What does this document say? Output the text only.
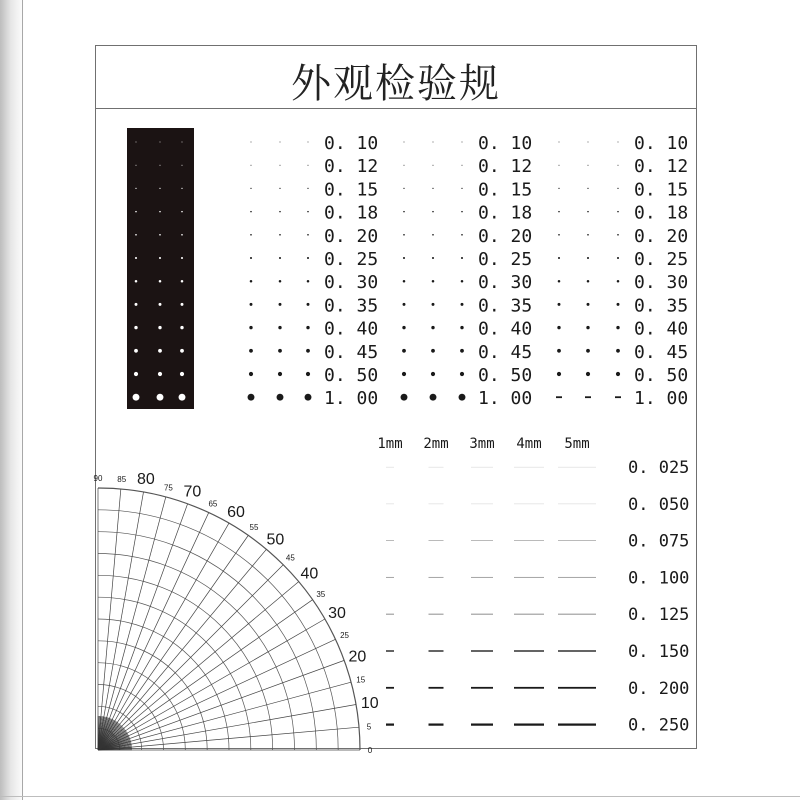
外观检验规
0. 10	0. 10	0. 10
0. 12	0. 12	0. 12
0. 15	0. 15	0. 15
0. 18	0. 18	0. 18
0. 20	0. 20	0. 20
0. 25	0. 25	0. 25
0. 30	0. 30	0. 30
0. 35	0. 35	0. 35
0. 40	0. 40	0. 40
0. 45	0. 45	0. 45
0. 50	0. 50	0. 50
1. 00	1. 00	1. 00
1mm 2mm 3mm 4mm 5mm
0. 025
0. 050
0. 075
0. 100
0. 125
0. 150
0. 200
0. 250
10
20
30
40
50
60
70
80
0
5
15
25
35
45
55
65
75
85
90
